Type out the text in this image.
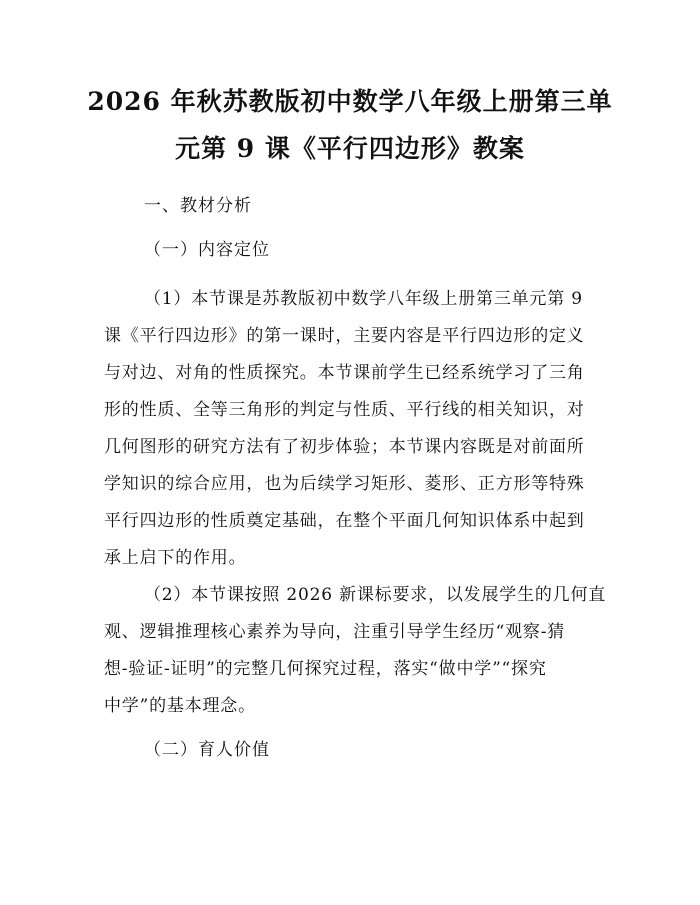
2026 年秋苏教版初中数学八年级上册第三单
元第 9 课《平行四边形》教案
一、教材分析
（一）内容定位
（1）本节课是苏教版初中数学八年级上册第三单元第 9
课《平行四边形》的第一课时，主要内容是平行四边形的定义
与对边、对角的性质探究。本节课前学生已经系统学习了三角
形的性质、全等三角形的判定与性质、平行线的相关知识，对
几何图形的研究方法有了初步体验；本节课内容既是对前面所
学知识的综合应用，也为后续学习矩形、菱形、正方形等特殊
平行四边形的性质奠定基础，在整个平面几何知识体系中起到
承上启下的作用。
（2）本节课按照 2026 新课标要求，以发展学生的几何直
观、逻辑推理核心素养为导向，注重引导学生经历“观察-猜
想-验证-证明”的完整几何探究过程，落实“做中学”“探究
中学”的基本理念。
（二）育人价值
